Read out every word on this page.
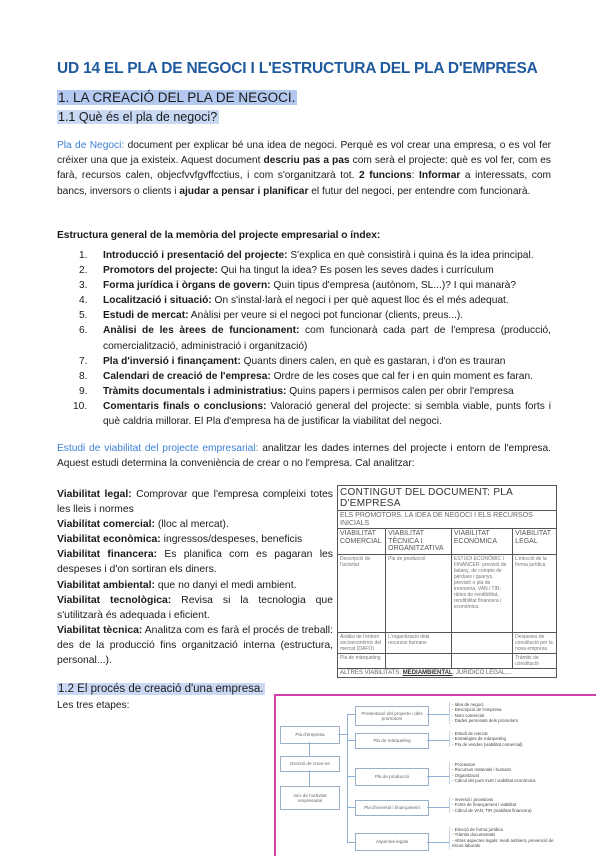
UD 14 EL PLA DE NEGOCI I L'ESTRUCTURA DEL PLA D'EMPRESA
1. LA CREACIÓ DEL PLA DE NEGOCI.
1.1 Què és el pla de negoci?
Pla de Negoci: document per explicar bé una idea de negoci. Perquè es vol crear una empresa, o es vol fer créixer una que ja existeix. Aquest document descriu pas a pas com serà el projecte: què es vol fer, com es farà, recursos calen, objecfvvfgvffcctius, i com s'organitzarà tot. 2 funcions: Informar a interessats, com bancs, inversors o clients i ajudar a pensar i planificar el futur del negoci, per entendre com funcionarà.
Estructura general de la memòria del projecte empresarial o índex:
1.	Introducció i presentació del projecte: S'explica en què consistirà i quina és la idea principal.
2.	Promotors del projecte: Qui ha tingut la idea? Es posen les seves dades i currículum
3.	Forma jurídica i òrgans de govern: Quin tipus d'empresa (autònom, SL...)? I qui manarà?
4.	Localització i situació: On s'instal·larà el negoci i per què aquest lloc és el més adequat.
5.	Estudi de mercat: Anàlisi per veure si el negoci pot funcionar (clients, preus...).
6.	Anàlisi de les àrees de funcionament: com funcionarà cada part de l'empresa (producció, comercialització, administració i organització)
7.	Pla d'inversió i finançament: Quants diners calen, en què es gastaran, i d'on es trauran
8.	Calendari de creació de l'empresa: Ordre de les coses que cal fer i en quin moment es faran.
9.	Tràmits documentals i administratius: Quins papers i permisos calen per obrir l'empresa
10.	Comentaris finals o conclusions: Valoració general del projecte: si sembla viable, punts forts i què caldria millorar. El Pla d'empresa ha de justificar la viabilitat del negoci.
Estudi de viabilitat del projecte empresarial: analitzar les dades internes del projecte i entorn de l'empresa. Aquest estudi determina la conveniència de crear o no l'empresa. Cal analitzar:

Viabilitat legal: Comprovar que l'empresa compleixi totes les lleis i normes

Viabilitat comercial: (lloc al mercat).

Viabilitat econòmica: ingressos/despeses, beneficis

Viabilitat financera: Es planifica com es pagaran les despeses i d'on sortiran els diners.

Viabilitat ambiental: que no danyi el medi ambient.

Viabilitat tecnològica: Revisa si la tecnologia que s'utilitzarà és adequada i eficient.

Viabilitat tècnica: Analitza com es farà el procés de treball: des de la producció fins organització interna (estructura, personal...).

CONTINGUT DEL DOCUMENT: PLA D'EMPRESA			
ELS PROMOTORS. LA IDEA DE NEGOCI I ELS RECURSOS INICIALS			
VIABILITAT COMERCIAL	VIABILITAT TÈCNICA I ORGANITZATIVA	VIABILITAT ECONÒMICA	VIABILITAT LEGAL
Descripció de l'activitat	Pla de producció	ESTUDI ECONÒMIC I FINANCER: previsió de balanç, de compte de pèrdues i guanys, previsió o pla de tresoreria, VAN i TIR, ràtios de rendibilitat, rendibilitat financera i econòmica.	L'elecció de la forma jurídica
Anàlisi de l'entorn socioeconòmic del mercat (DAFO)	L'organització dels recursos humans		Despeses de constitució per la nova empresa
Pla de màrqueting			Tràmits de constitució
ALTRES VIABILITATS: MEDIAMBIENTAL, JURÍDICO LEGAL,...			
1.2 El procés de creació d'una empresa.
Les tres etapes:
Pla d'empresa
Decisió de crear-ne
Inici de l'activitat empresarial
Presentació del projecte i dels promotors
Pla de màrqueting
Pla de producció
Pla d'inversió i finançament
Aspectes legals
- Idea de negoci
- Descripció de l'empresa
- Nom comercial
- Dades personals dels promotors
- Estudi de mercat
- Estratègies de màrqueting
- Pla de vendes (viabilitat comercial)
- Processos
- Recursos materials i humans
- Organització
- Càlcul del punt mort i viabilitat econòmica
- Inversió i provisions
- Fonts de finançament i viabilitat
- Càlcul de VAN, TIR (viabilitat financera)
- Elecció de forma jurídica
- Tràmits documentals
- Altres aspectes legals: medi ambient, prevenció de riscos laborals
